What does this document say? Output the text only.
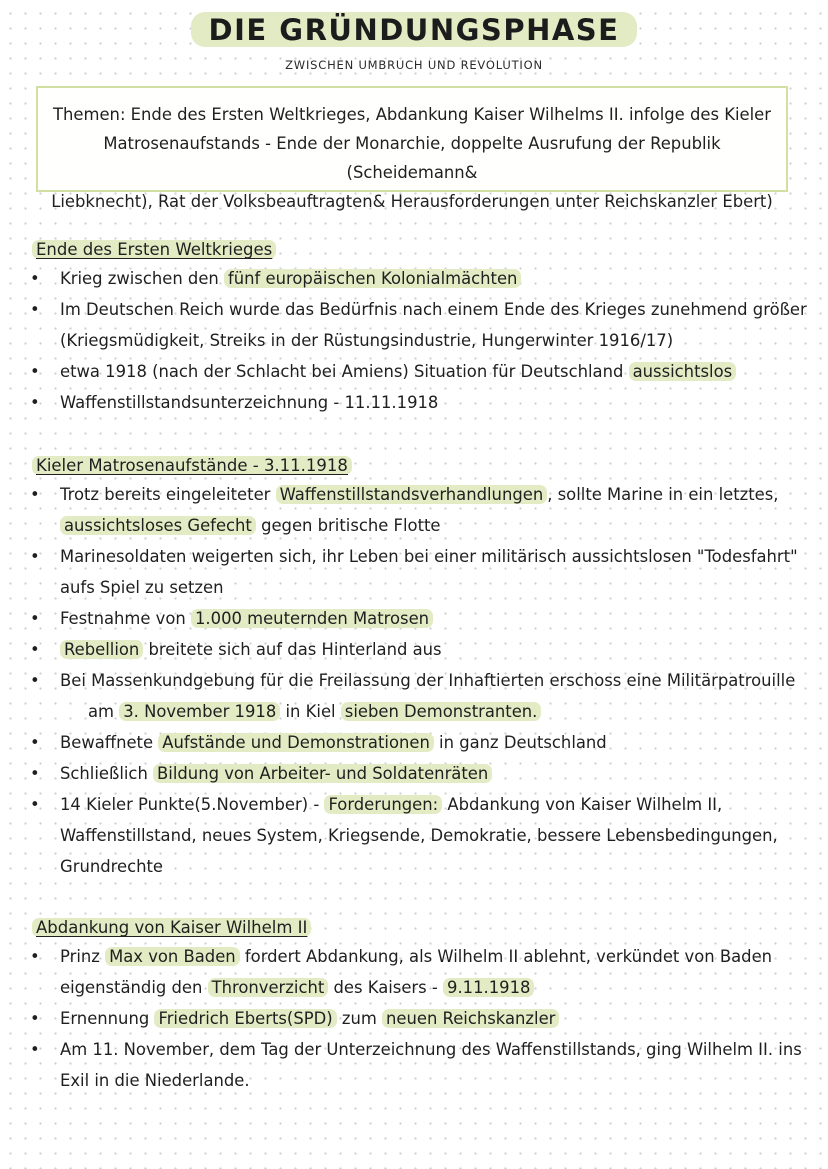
DIE GRÜNDUNGSPHASE
ZWISCHEN UMBRUCH UND REVOLUTION
Themen: Ende des Ersten Weltkrieges, Abdankung Kaiser Wilhelms II. infolge des Kieler
Matrosenaufstands - Ende der Monarchie, doppelte Ausrufung der Republik (Scheidemann&
Liebknecht), Rat der Volksbeauftragten& Herausforderungen unter Reichskanzler Ebert)
Ende des Ersten Weltkrieges
• Krieg zwischen den fünf europäischen Kolonialmächten
• Im Deutschen Reich wurde das Bedürfnis nach einem Ende des Krieges zunehmend größer
(Kriegsmüdigkeit, Streiks in der Rüstungsindustrie, Hungerwinter 1916/17)
• etwa 1918 (nach der Schlacht bei Amiens) Situation für Deutschland aussichtslos
• Waffenstillstandsunterzeichnung - 11.11.1918
Kieler Matrosenaufstände - 3.11.1918
• Trotz bereits eingeleiteter Waffenstillstandsverhandlungen , sollte Marine in ein letztes,
aussichtsloses Gefecht gegen britische Flotte
• Marinesoldaten weigerten sich, ihr Leben bei einer militärisch aussichtslosen "Todesfahrt"
aufs Spiel zu setzen
• Festnahme von 1.000 meuternden Matrosen
• Rebellion breitete sich auf das Hinterland aus
• Bei Massenkundgebung für die Freilassung der Inhaftierten erschoss eine Militärpatrouille
am 3. November 1918 in Kiel sieben Demonstranten.
• Bewaffnete Aufstände und Demonstrationen in ganz Deutschland
• Schließlich Bildung von Arbeiter- und Soldatenräten
• 14 Kieler Punkte(5.November) - Forderungen: Abdankung von Kaiser Wilhelm II,
Waffenstillstand, neues System, Kriegsende, Demokratie, bessere Lebensbedingungen,
Grundrechte
Abdankung von Kaiser Wilhelm II
• Prinz Max von Baden fordert Abdankung, als Wilhelm II ablehnt, verkündet von Baden
eigenständig den Thronverzicht des Kaisers - 9.11.1918
• Ernennung Friedrich Eberts(SPD) zum neuen Reichskanzler
• Am 11. November, dem Tag der Unterzeichnung des Waffenstillstands, ging Wilhelm II. ins
Exil in die Niederlande.
